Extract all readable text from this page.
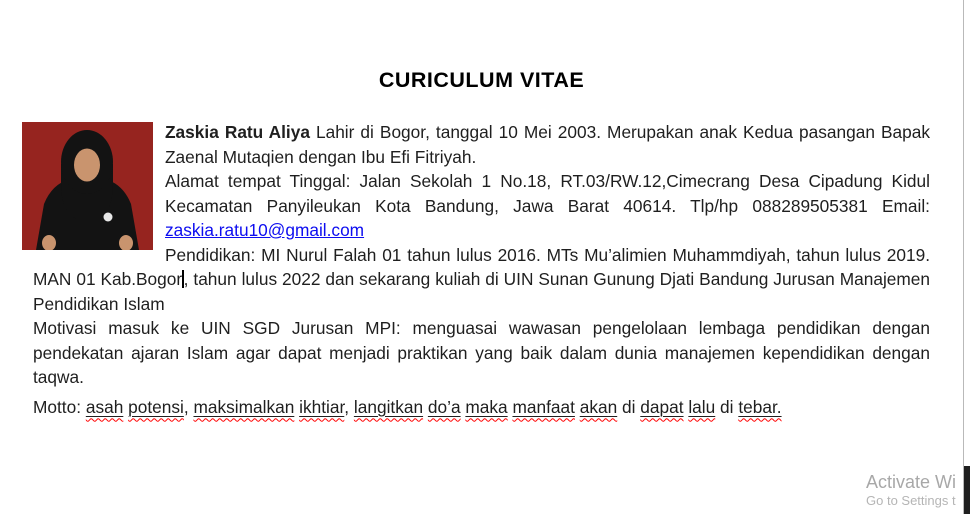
CURICULUM VITAE

Zaskia Ratu Aliya Lahir di Bogor, tanggal 10 Mei 2003. Merupakan anak Kedua pasangan Bapak Zaenal Mutaqien dengan Ibu Efi Fitriyah.

Alamat tempat Tinggal: Jalan Sekolah 1 No.18, RT.03/RW.12,Cimecrang Desa Cipadung Kidul Kecamatan Panyileukan Kota Bandung, Jawa Barat 40614. Tlp/hp 088289505381 Email: zaskia.ratu10@gmail.com

Pendidikan: MI Nurul Falah 01 tahun lulus 2016. MTs Mu’alimien Muhammdiyah, tahun lulus 2019. MAN 01 Kab.Bogor, tahun lulus 2022 dan sekarang kuliah di UIN Sunan Gunung Djati Bandung Jurusan Manajemen Pendidikan Islam

Motivasi masuk ke UIN SGD Jurusan MPI: menguasai wawasan pengelolaan lembaga pendidikan dengan pendekatan ajaran Islam agar dapat menjadi praktikan yang baik dalam dunia manajemen kependidikan dengan taqwa.

Motto: asah potensi, maksimalkan ikhtiar, langitkan do’a maka manfaat akan di dapat lalu di tebar.

Activate Wi
Go to Settings t
